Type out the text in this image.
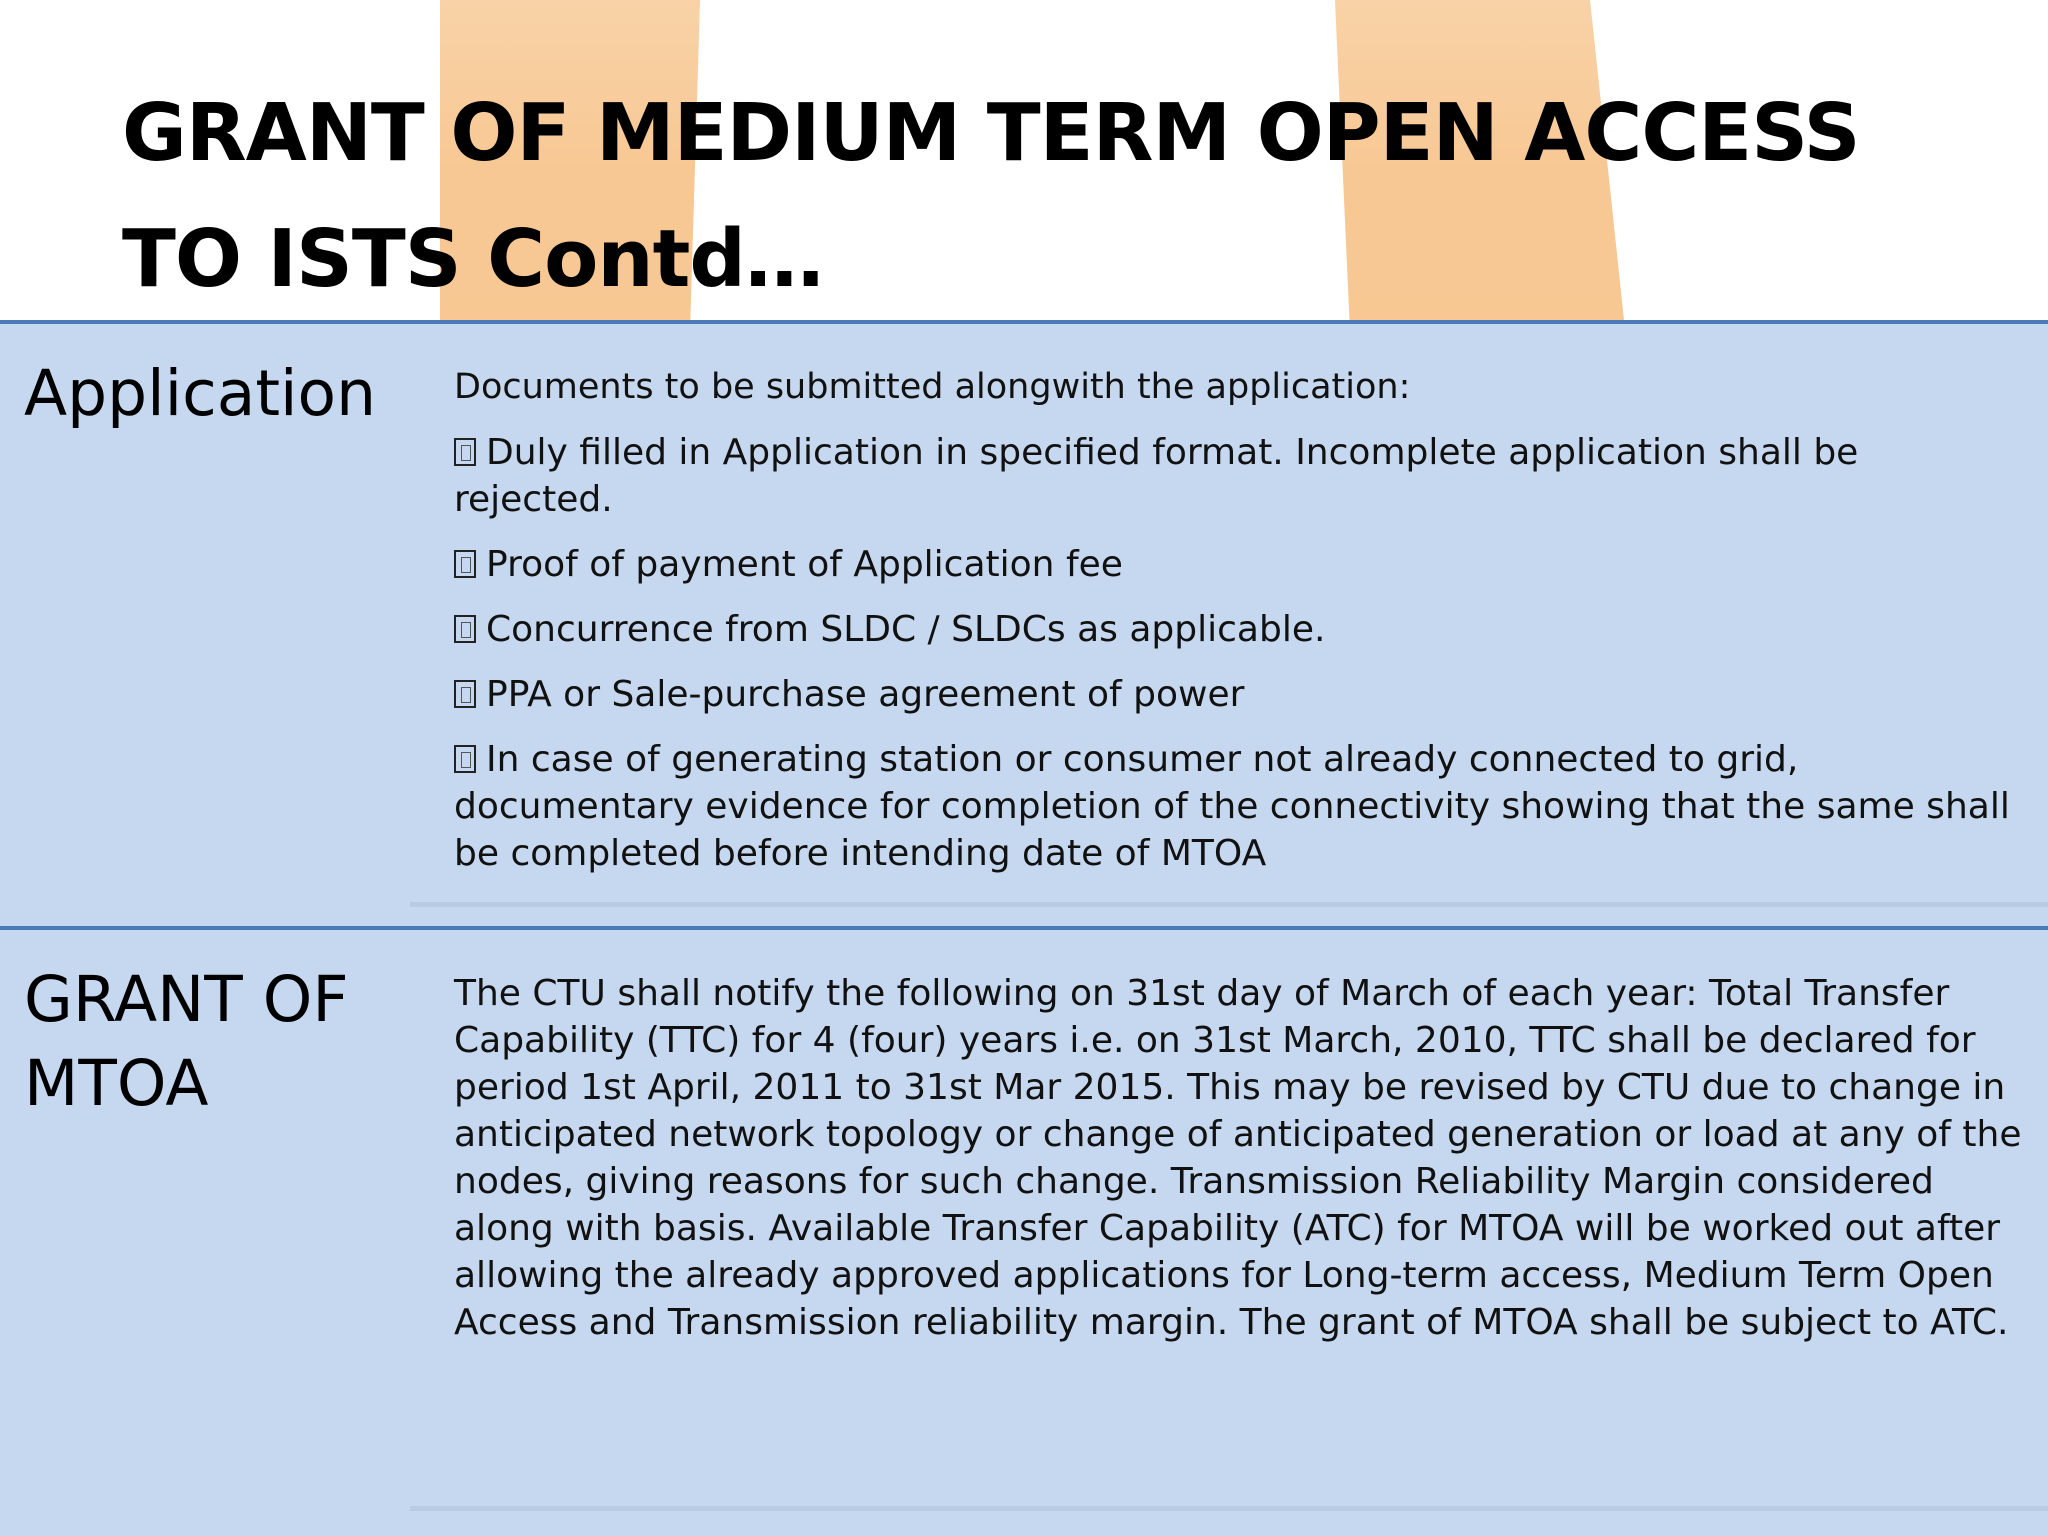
GRANT OF MEDIUM TERM OPEN ACCESS
TO ISTS Contd…
Application	Documents to be submitted alongwith the application:
Duly filled in Application in specified format. Incomplete application shall be rejected.
Proof of payment of Application fee
Concurrence from SLDC / SLDCs as applicable.
PPA or Sale-purchase agreement of power
In case of generating station or consumer not already connected to grid, documentary evidence for completion of the connectivity showing that the same shall be completed before intending date of MTOA
GRANT OF
MTOA
The CTU shall notify the following on 31st day of March of each year: Total Transfer Capability (TTC) for 4 (four) years i.e. on 31st March, 2010, TTC shall be declared for period 1st April, 2011 to 31st Mar 2015. This may be revised by CTU due to change in anticipated network topology or change of anticipated generation or load at any of the nodes, giving reasons for such change. Transmission Reliability Margin considered along with basis. Available Transfer Capability (ATC) for MTOA will be worked out after allowing the already approved applications for Long-term access, Medium Term Open Access and Transmission reliability margin. The grant of MTOA shall be subject to ATC.
